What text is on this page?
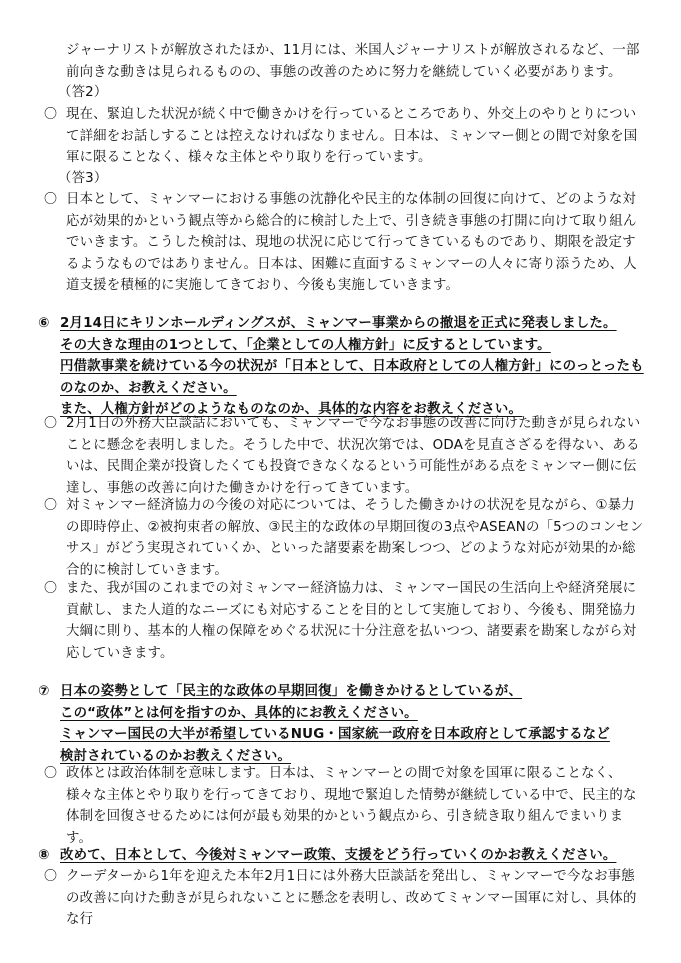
ジャーナリストが解放されたほか、11月には、米国人ジャーナリストが解放されるなど、一部前向きな動きは見られるものの、事態の改善のために努力を継続していく必要があります。

（答2）

〇 現在、緊迫した状況が続く中で働きかけを行っているところであり、外交上のやりとりについて詳細をお話しすることは控えなければなりません。日本は、ミャンマー側との間で対象を国軍に限ることなく、様々な主体とやり取りを行っています。

（答3）

〇 日本として、ミャンマーにおける事態の沈静化や民主的な体制の回復に向けて、どのような対応が効果的かという観点等から総合的に検討した上で、引き続き事態の打開に向けて取り組んでいきます。こうした検討は、現地の状況に応じて行ってきているものであり、期限を設定するようなものではありません。日本は、困難に直面するミャンマーの人々に寄り添うため、人道支援を積極的に実施してきており、今後も実施していきます。
⑥ 2月14日にキリンホールディングスが、ミャンマー事業からの撤退を正式に発表しました。
その大きな理由の1つとして、「企業としての人権方針」に反するとしています。
円借款事業を続けている今の状況が「日本として、日本政府としての人権方針」にのっとったものなのか、お教えください。
また、人権方針がどのようなものなのか、具体的な内容をお教えください。
〇 2月1日の外務大臣談話においても、ミャンマーで今なお事態の改善に向けた動きが見られないことに懸念を表明しました。そうした中で、状況次第では、ODAを見直さざるを得ない、あるいは、民間企業が投資したくても投資できなくなるという可能性がある点をミャンマー側に伝達し、事態の改善に向けた働きかけを行ってきています。
〇 対ミャンマー経済協力の今後の対応については、そうした働きかけの状況を見ながら、①暴力の即時停止、②被拘束者の解放、③民主的な政体の早期回復の3点やASEANの「5つのコンセンサス」がどう実現されていくか、といった諸要素を勘案しつつ、どのような対応が効果的か総合的に検討していきます。
〇 また、我が国のこれまでの対ミャンマー経済協力は、ミャンマー国民の生活向上や経済発展に貢献し、また人道的なニーズにも対応することを目的として実施しており、今後も、開発協力大綱に則り、基本的人権の保障をめぐる状況に十分注意を払いつつ、諸要素を勘案しながら対応していきます。
⑦ 日本の姿勢として「民主的な政体の早期回復」を働きかけるとしているが、
この“政体”とは何を指すのか、具体的にお教えください。
ミャンマー国民の大半が希望しているNUG・国家統一政府を日本政府として承認するなど
検討されているのかお教えください。
〇 政体とは政治体制を意味します。日本は、ミャンマーとの間で対象を国軍に限ることなく、様々な主体とやり取りを行ってきており、現地で緊迫した情勢が継続している中で、民主的な体制を回復させるためには何が最も効果的かという観点から、引き続き取り組んでまいります。
⑧ 改めて、日本として、今後対ミャンマー政策、支援をどう行っていくのかお教えください。
〇 クーデターから1年を迎えた本年2月1日には外務大臣談話を発出し、ミャンマーで今なお事態の改善に向けた動きが見られないことに懸念を表明し、改めてミャンマー国軍に対し、具体的な行
